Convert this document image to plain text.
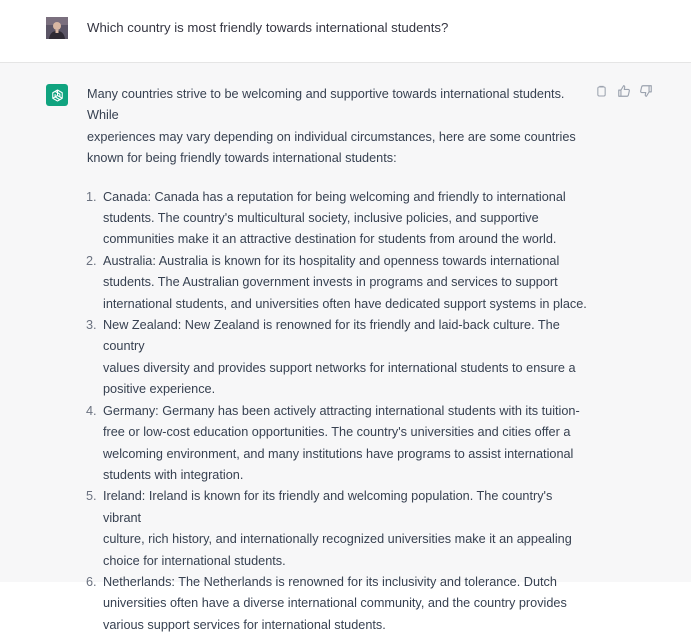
Which country is most friendly towards international students?

Many countries strive to be welcoming and supportive towards international students. While
experiences may vary depending on individual circumstances, here are some countries
known for being friendly towards international students:

1. Canada: Canada has a reputation for being welcoming and friendly to international
students. The country's multicultural society, inclusive policies, and supportive
communities make it an attractive destination for students from around the world.
2. Australia: Australia is known for its hospitality and openness towards international
students. The Australian government invests in programs and services to support
international students, and universities often have dedicated support systems in place.
3. New Zealand: New Zealand is renowned for its friendly and laid-back culture. The country
values diversity and provides support networks for international students to ensure a
positive experience.
4. Germany: Germany has been actively attracting international students with its tuition-
free or low-cost education opportunities. The country's universities and cities offer a
welcoming environment, and many institutions have programs to assist international
students with integration.
5. Ireland: Ireland is known for its friendly and welcoming population. The country's vibrant
culture, rich history, and internationally recognized universities make it an appealing
choice for international students.
6. Netherlands: The Netherlands is renowned for its inclusivity and tolerance. Dutch
universities often have a diverse international community, and the country provides
various support services for international students.
